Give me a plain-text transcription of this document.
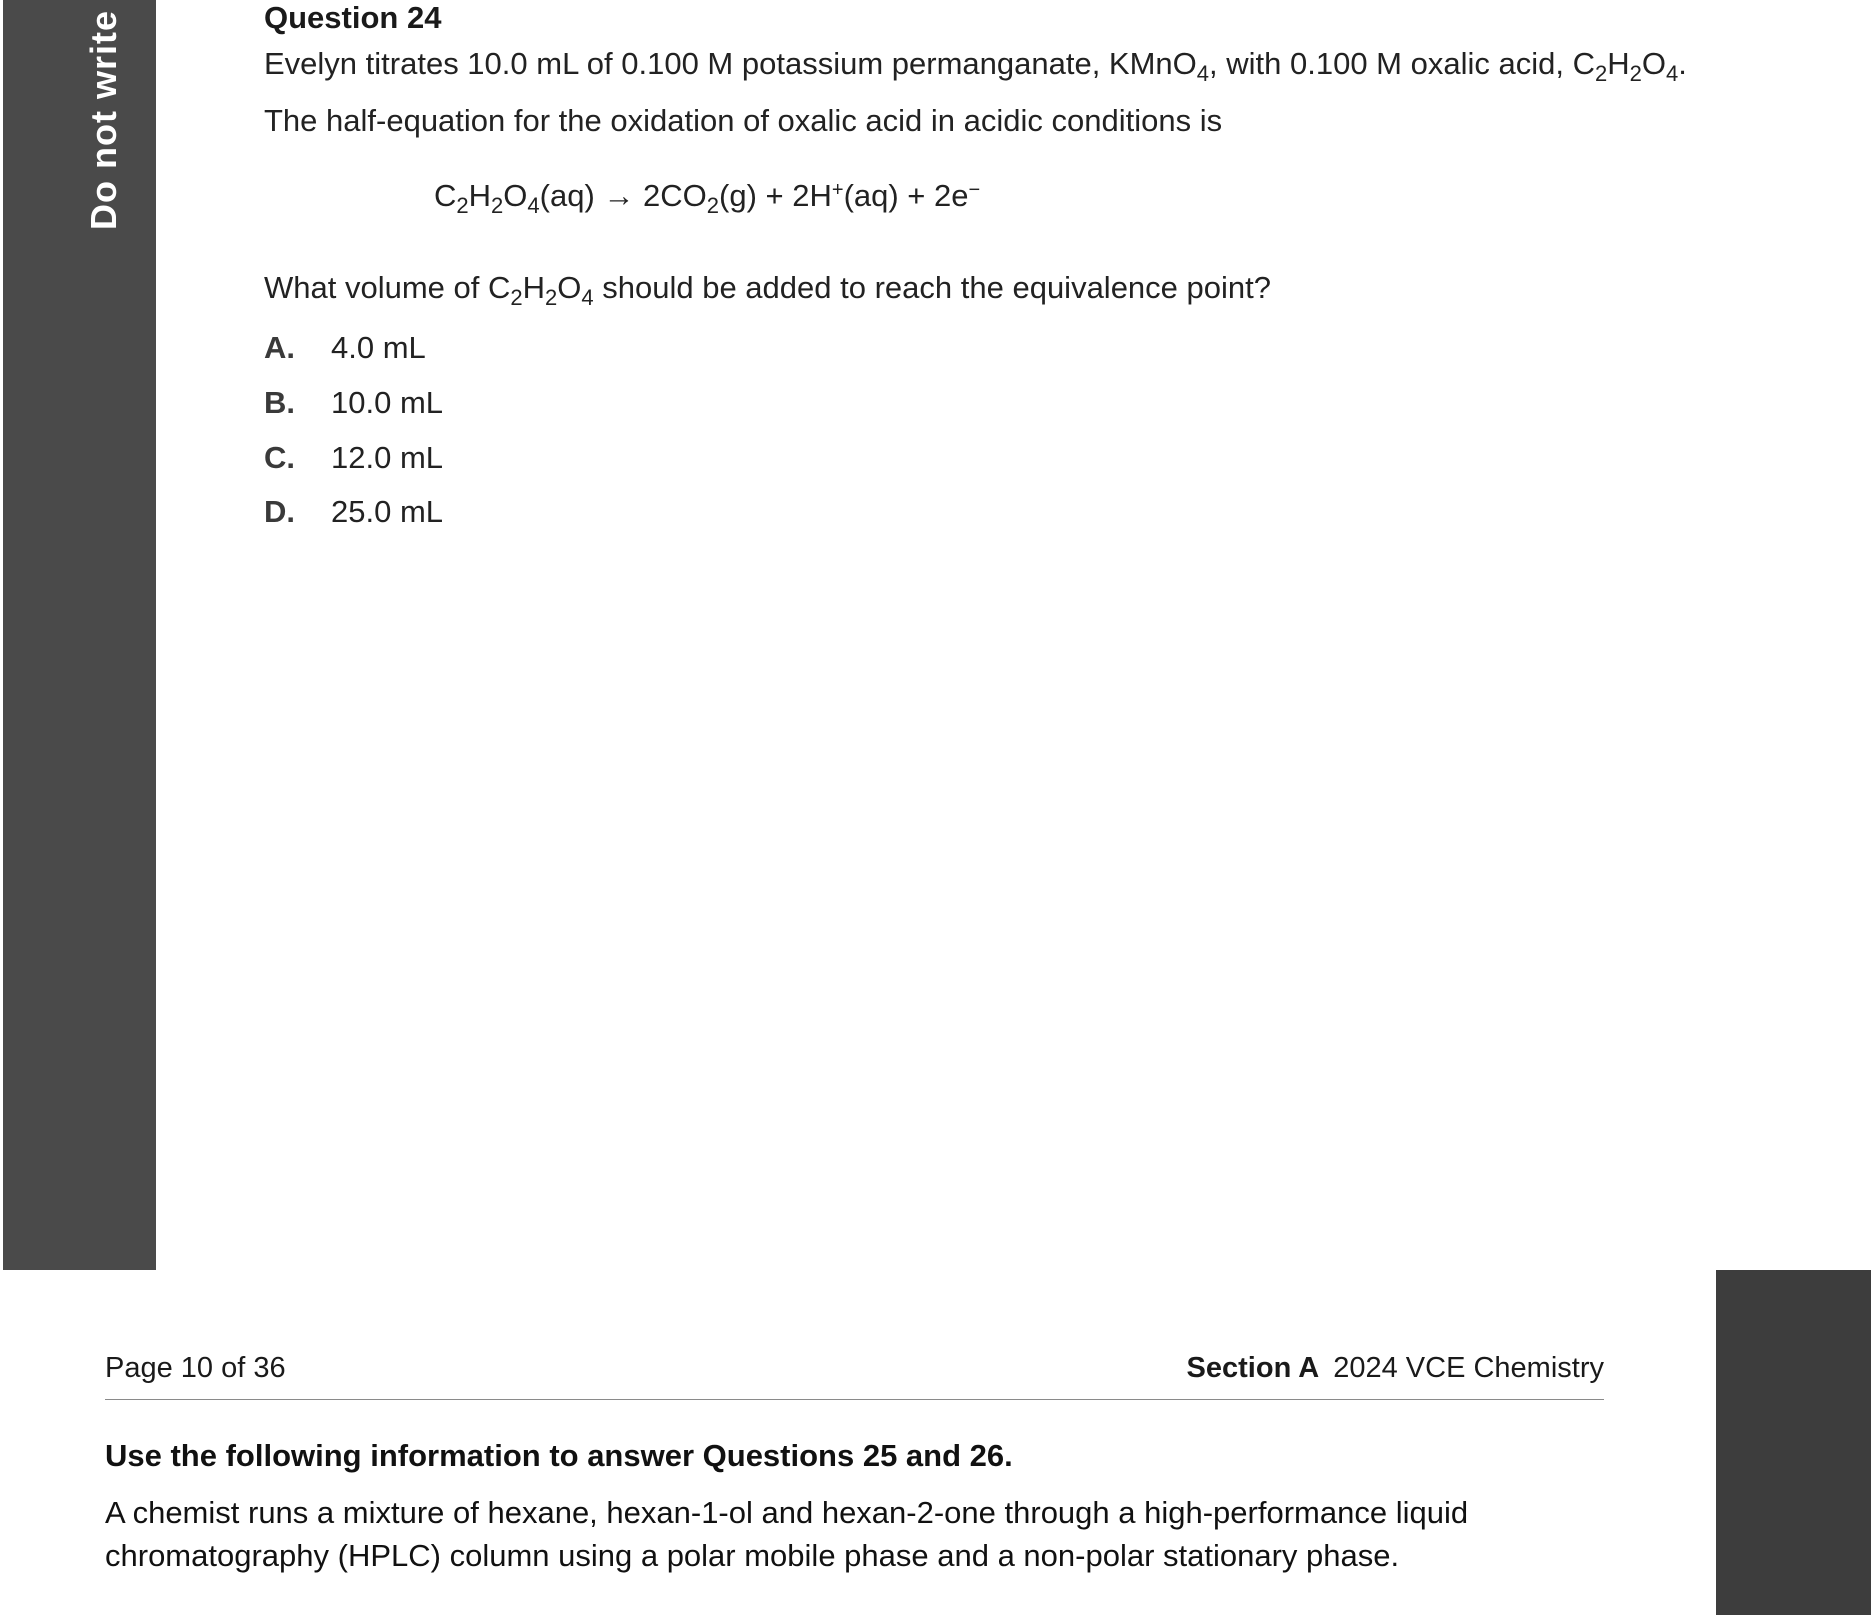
Do not write	Question 24
Evelyn titrates 10.0 mL of 0.100 M potassium permanganate, KMnO$_4$, with 0.100 M oxalic acid, $C_2H_2O_4$.
The half-equation for the oxidation of oxalic acid in acidic conditions is
$C_2H_2O_4(aq) \to 2CO_2(g) + 2H^+(aq) + 2e^-$
What volume of $C_2H_2O_4$ should be added to reach the equivalence point?
A. 4.0 mL
B. 10.0 mL
C. 12.0 mL
D. 25.0 mL
Page 10 of 36	Section A 2024 VCE Chemistry
Use the following information to answer Questions 25 and 26.
A chemist runs a mixture of hexane, hexan-1-ol and hexan-2-one through a high-performance liquid chromatography (HPLC) column using a polar mobile phase and a non-polar stationary phase.
